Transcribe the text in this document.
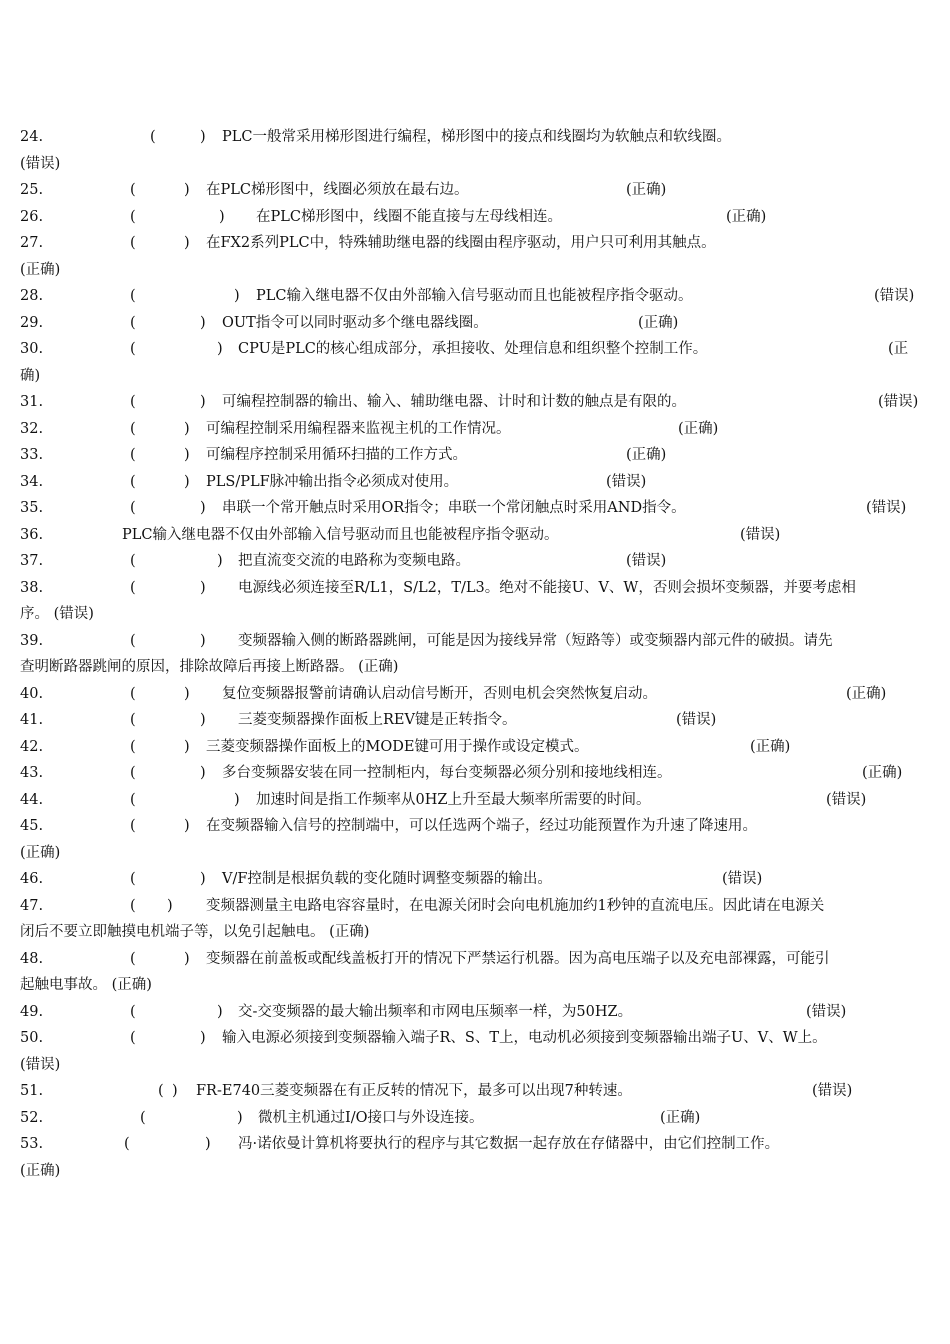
24.	(	) PLC一般常采用梯形图进行编程，梯形图中的接点和线圈均为软触点和软线圈。
(错误)
25.	(	) 在PLC梯形图中，线圈必须放在最右边。	(正确)
26.	(	) 在PLC梯形图中，线圈不能直接与左母线相连。	(正确)
27.	(	) 在FX2系列PLC中，特殊辅助继电器的线圈由程序驱动，用户只可利用其触点。
(正确)
28.	(	) PLC输入继电器不仅由外部输入信号驱动而且也能被程序指令驱动。	(错误)
29.	(	) OUT指令可以同时驱动多个继电器线圈。	(正确)
30.	(	) CPU是PLC的核心组成部分，承担接收、处理信息和组织整个控制工作。	(正
确)
31.	(	) 可编程控制器的输出、输入、辅助继电器、计时和计数的触点是有限的。	(错误)
32.	(	) 可编程控制采用编程器来监视主机的工作情况。	(正确)
33.	(	) 可编程序控制采用循环扫描的工作方式。	(正确)
34.	(	) PLS/PLF脉冲输出指令必须成对使用。	(错误)
35.	(	) 串联一个常开触点时采用OR指令；串联一个常闭触点时采用AND指令。	(错误)
36.	PLC输入继电器不仅由外部输入信号驱动而且也能被程序指令驱动。	(错误)
37.	(	) 把直流变交流的电路称为变频电路。	(错误)
38.	(	) 电源线必须连接至R/L1，S/L2，T/L3。绝对不能接U、V、W，否则会损坏变频器，并要考虑相
序。 (错误)
39.	(	) 变频器输入侧的断路器跳闸，可能是因为接线异常（短路等）或变频器内部元件的破损。请先
查明断路器跳闸的原因，排除故障后再接上断路器。 (正确)
40.	(	) 复位变频器报警前请确认启动信号断开，否则电机会突然恢复启动。	(正确)
41.	(	) 三菱变频器操作面板上REV键是正转指令。	(错误)
42.	(	) 三菱变频器操作面板上的MODE键可用于操作或设定模式。	(正确)
43.	(	) 多台变频器安装在同一控制柜内，每台变频器必须分别和接地线相连。	(正确)
44.	(	) 加速时间是指工作频率从0HZ上升至最大频率所需要的时间。	(错误)
45.	(	) 在变频器输入信号的控制端中，可以任选两个端子，经过功能预置作为升速了降速用。
(正确)
46.	(	) V/F控制是根据负载的变化随时调整变频器的输出。	(错误)
47.	( ) 变频器测量主电路电容容量时，在电源关闭时会向电机施加约1秒钟的直流电压。因此请在电源关
闭后不要立即触摸电机端子等，以免引起触电。 (正确)
48.	(	) 变频器在前盖板或配线盖板打开的情况下严禁运行机器。因为高电压端子以及充电部裸露，可能引
起触电事故。 (正确)
49.	(	) 交-交变频器的最大输出频率和市网电压频率一样，为50HZ。	(错误)
50.	(	) 输入电源必须接到变频器输入端子R、S、T上，电动机必须接到变频器输出端子U、V、W上。
(错误)
51.	( ) FR-E740三菱变频器在有正反转的情况下，最多可以出现7种转速。	(错误)
52.	(	) 微机主机通过I/O接口与外设连接。	(正确)
53.	(	) 冯·诺依曼计算机将要执行的程序与其它数据一起存放在存储器中，由它们控制工作。
(正确)
